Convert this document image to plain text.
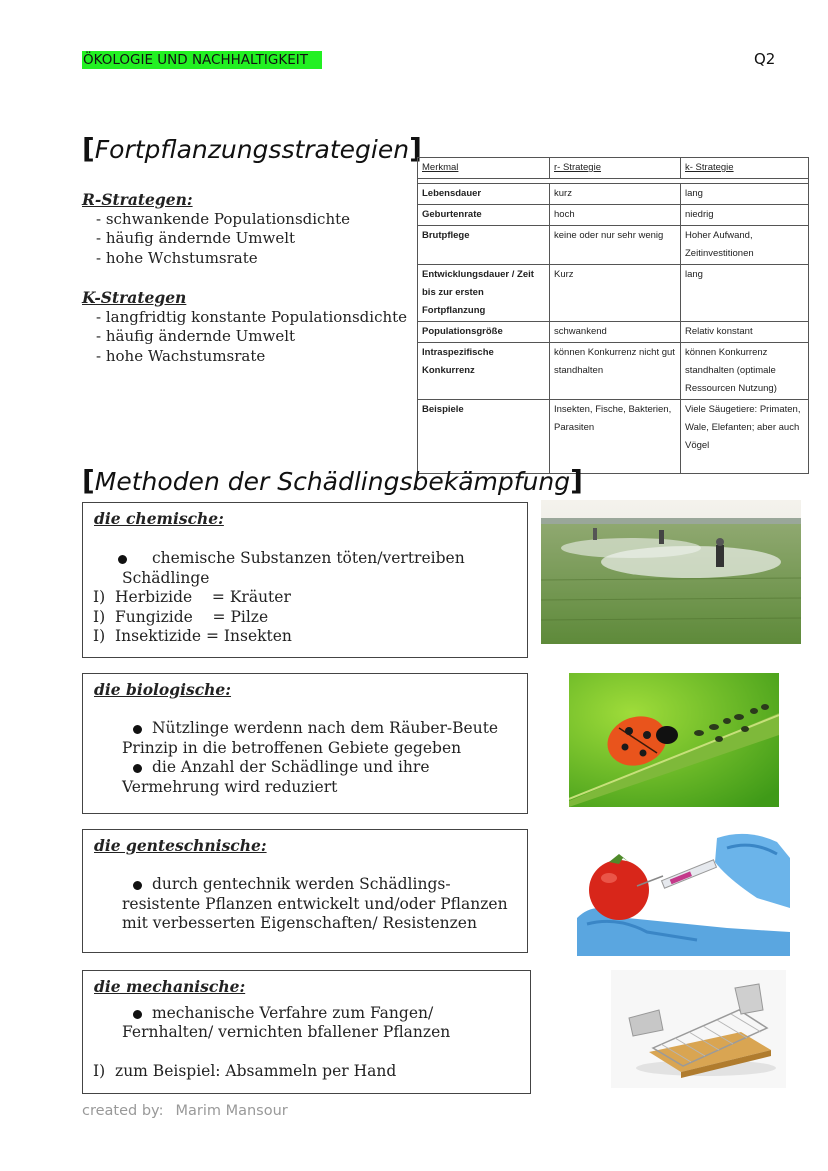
ÖKOLOGIE UND NACHHALTIGKEIT	Q2
[Fortpflanzungsstrategien]
R-Strategen:
- schwankende Populationsdichte
- häufig ändernde Umwelt
- hohe Wchstumsrate
K-Strategen
- langfridtig konstante Populationsdichte
- häufig ändernde Umwelt
- hohe Wachstumsrate
Merkmal	r- Strategie	k- Strategie

Lebensdauer	kurz	lang
Geburtenrate	hoch	niedrig
Brutpflege	keine oder nur sehr wenig	Hoher Aufwand, Zeitinvestitionen
Entwicklungsdauer / Zeit bis zur ersten Fortpflanzung	Kurz	lang
Populationsgröße	schwankend	Relativ konstant
Intraspezifische Konkurrenz	können Konkurrenz nicht gut standhalten	können Konkurrenz standhalten (optimale Ressourcen Nutzung)
Beispiele	Insekten, Fische, Bakterien, Parasiten	Viele Säugetiere: Primaten, Wale, Elefanten; aber auch Vögel
[Methoden der Schädlingsbekämpfung]
die chemische:
chemische Substanzen töten/vertreiben
Schädlinge
I)  Herbizide    = Kräuter
I)  Fungizide    = Pilze
I)  Insektizide = Insekten
die biologische:
Nützlinge werdenn nach dem Räuber-Beute
Prinzip in die betroffenen Gebiete gegeben
die Anzahl der Schädlinge und ihre
Vermehrung wird reduziert
die genteschnische:
durch gentechnik werden Schädlings-
resistente Pflanzen entwickelt und/oder Pflanzen
mit verbesserten Eigenschaften/ Resistenzen
die mechanische:
mechanische Verfahre zum Fangen/
Fernhalten/ vernichten bfallener Pflanzen
I)  zum Beispiel: Absammeln per Hand
created by: Marim Mansour
